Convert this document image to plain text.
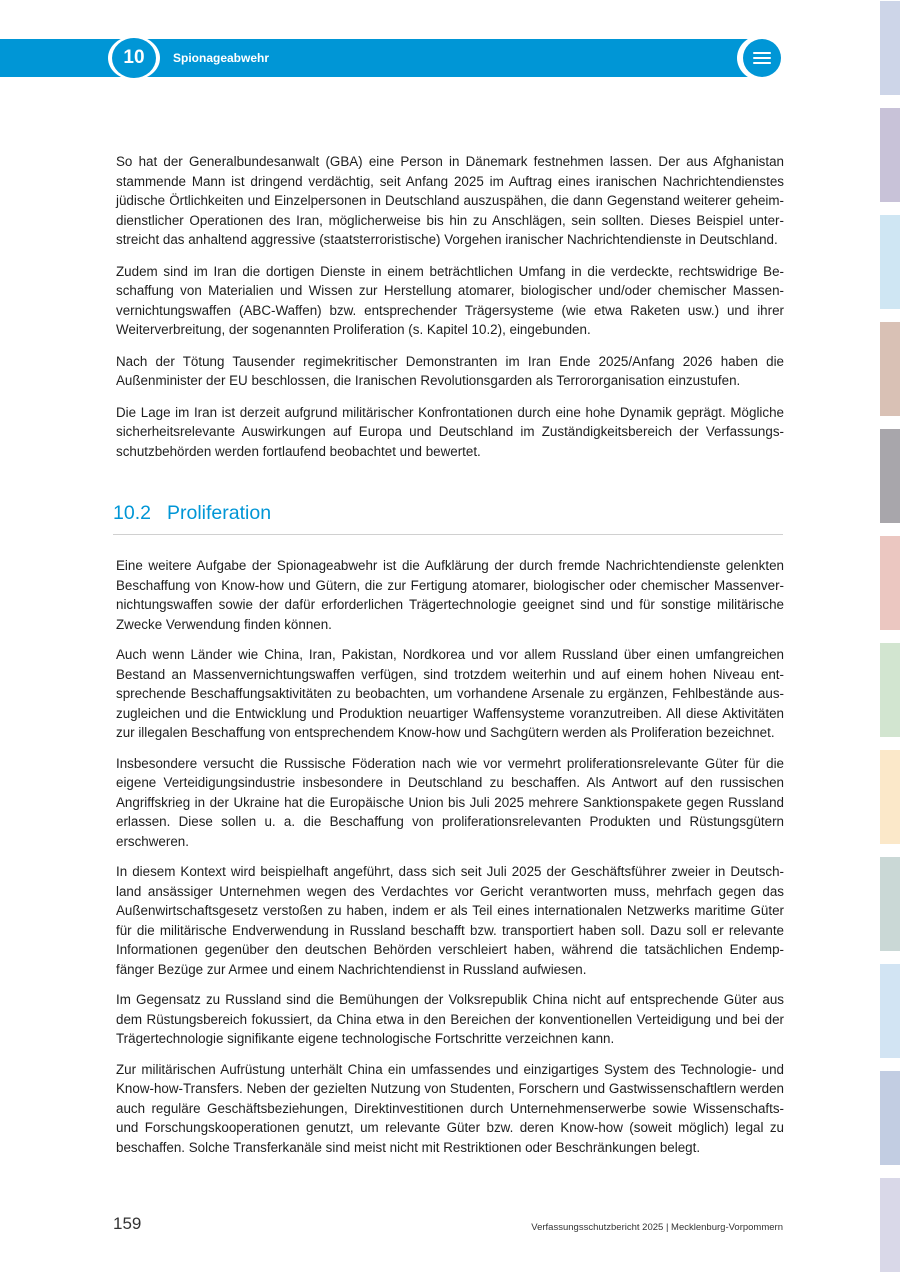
10	Spionageabwehr

So hat der Generalbundesanwalt (GBA) eine Person in Dänemark festnehmen lassen. Der aus Afghanistan stammende Mann ist dringend verdächtig, seit Anfang 2025 im Auftrag eines iranischen Nachrichtendienstes jüdische Örtlichkeiten und Einzelpersonen in Deutschland auszuspähen, die dann Gegenstand weiterer geheimdienstlicher Operationen des Iran, möglicherweise bis hin zu Anschlägen, sein sollten. Dieses Beispiel unterstreicht das anhaltend aggressive (staatsterroristische) Vorgehen iranischer Nachrichtendienste in Deutschland.

Zudem sind im Iran die dortigen Dienste in einem beträchtlichen Umfang in die verdeckte, rechtswidrige Beschaffung von Materialien und Wissen zur Herstellung atomarer, biologischer und/oder chemischer Massenvernichtungswaffen (ABC-Waffen) bzw. entsprechender Trägersysteme (wie etwa Raketen usw.) und ihrer Weiterverbreitung, der sogenannten Proliferation (s. Kapitel 10.2), eingebunden.

Nach der Tötung Tausender regimekritischer Demonstranten im Iran Ende 2025/Anfang 2026 haben die Außenminister der EU beschlossen, die Iranischen Revolutionsgarden als Terrororganisation einzustufen.

Die Lage im Iran ist derzeit aufgrund militärischer Konfrontationen durch eine hohe Dynamik geprägt. Mögliche sicherheitsrelevante Auswirkungen auf Europa und Deutschland im Zuständigkeitsbereich der Verfassungsschutzbehörden werden fortlaufend beobachtet und bewertet.

10.2 Proliferation

Eine weitere Aufgabe der Spionageabwehr ist die Aufklärung der durch fremde Nachrichtendienste gelenkten Beschaffung von Know-how und Gütern, die zur Fertigung atomarer, biologischer oder chemischer Massenvernichtungswaffen sowie der dafür erforderlichen Trägertechnologie geeignet sind und für sonstige militärische Zwecke Verwendung finden können.

Auch wenn Länder wie China, Iran, Pakistan, Nordkorea und vor allem Russland über einen umfangreichen Bestand an Massenvernichtungswaffen verfügen, sind trotzdem weiterhin und auf einem hohen Niveau entsprechende Beschaffungsaktivitäten zu beobachten, um vorhandene Arsenale zu ergänzen, Fehlbestände auszugleichen und die Entwicklung und Produktion neuartiger Waffensysteme voranzutreiben. All diese Aktivitäten zur illegalen Beschaffung von entsprechendem Know-how und Sachgütern werden als Proliferation bezeichnet.

Insbesondere versucht die Russische Föderation nach wie vor vermehrt proliferationsrelevante Güter für die eigene Verteidigungsindustrie insbesondere in Deutschland zu beschaffen. Als Antwort auf den russischen Angriffskrieg in der Ukraine hat die Europäische Union bis Juli 2025 mehrere Sanktionspakete gegen Russland erlassen. Diese sollen u. a. die Beschaffung von proliferationsrelevanten Produkten und Rüstungsgütern erschweren.

In diesem Kontext wird beispielhaft angeführt, dass sich seit Juli 2025 der Geschäftsführer zweier in Deutschland ansässiger Unternehmen wegen des Verdachtes vor Gericht verantworten muss, mehrfach gegen das Außenwirtschaftsgesetz verstoßen zu haben, indem er als Teil eines internationalen Netzwerks maritime Güter für die militärische Endverwendung in Russland beschafft bzw. transportiert haben soll. Dazu soll er relevante Informationen gegenüber den deutschen Behörden verschleiert haben, während die tatsächlichen Endempfänger Bezüge zur Armee und einem Nachrichtendienst in Russland aufwiesen.

Im Gegensatz zu Russland sind die Bemühungen der Volksrepublik China nicht auf entsprechende Güter aus dem Rüstungsbereich fokussiert, da China etwa in den Bereichen der konventionellen Verteidigung und bei der Trägertechnologie signifikante eigene technologische Fortschritte verzeichnen kann.

Zur militärischen Aufrüstung unterhält China ein umfassendes und einzigartiges System des Technologie- und Know-how-Transfers. Neben der gezielten Nutzung von Studenten, Forschern und Gastwissenschaftlern werden auch reguläre Geschäftsbeziehungen, Direktinvestitionen durch Unternehmenserwerbe sowie Wissenschafts- und Forschungskooperationen genutzt, um relevante Güter bzw. deren Know-how (soweit möglich) legal zu beschaffen. Solche Transferkanäle sind meist nicht mit Restriktionen oder Beschränkungen belegt.

159	Verfassungsschutzbericht 2025 | Mecklenburg-Vorpommern
